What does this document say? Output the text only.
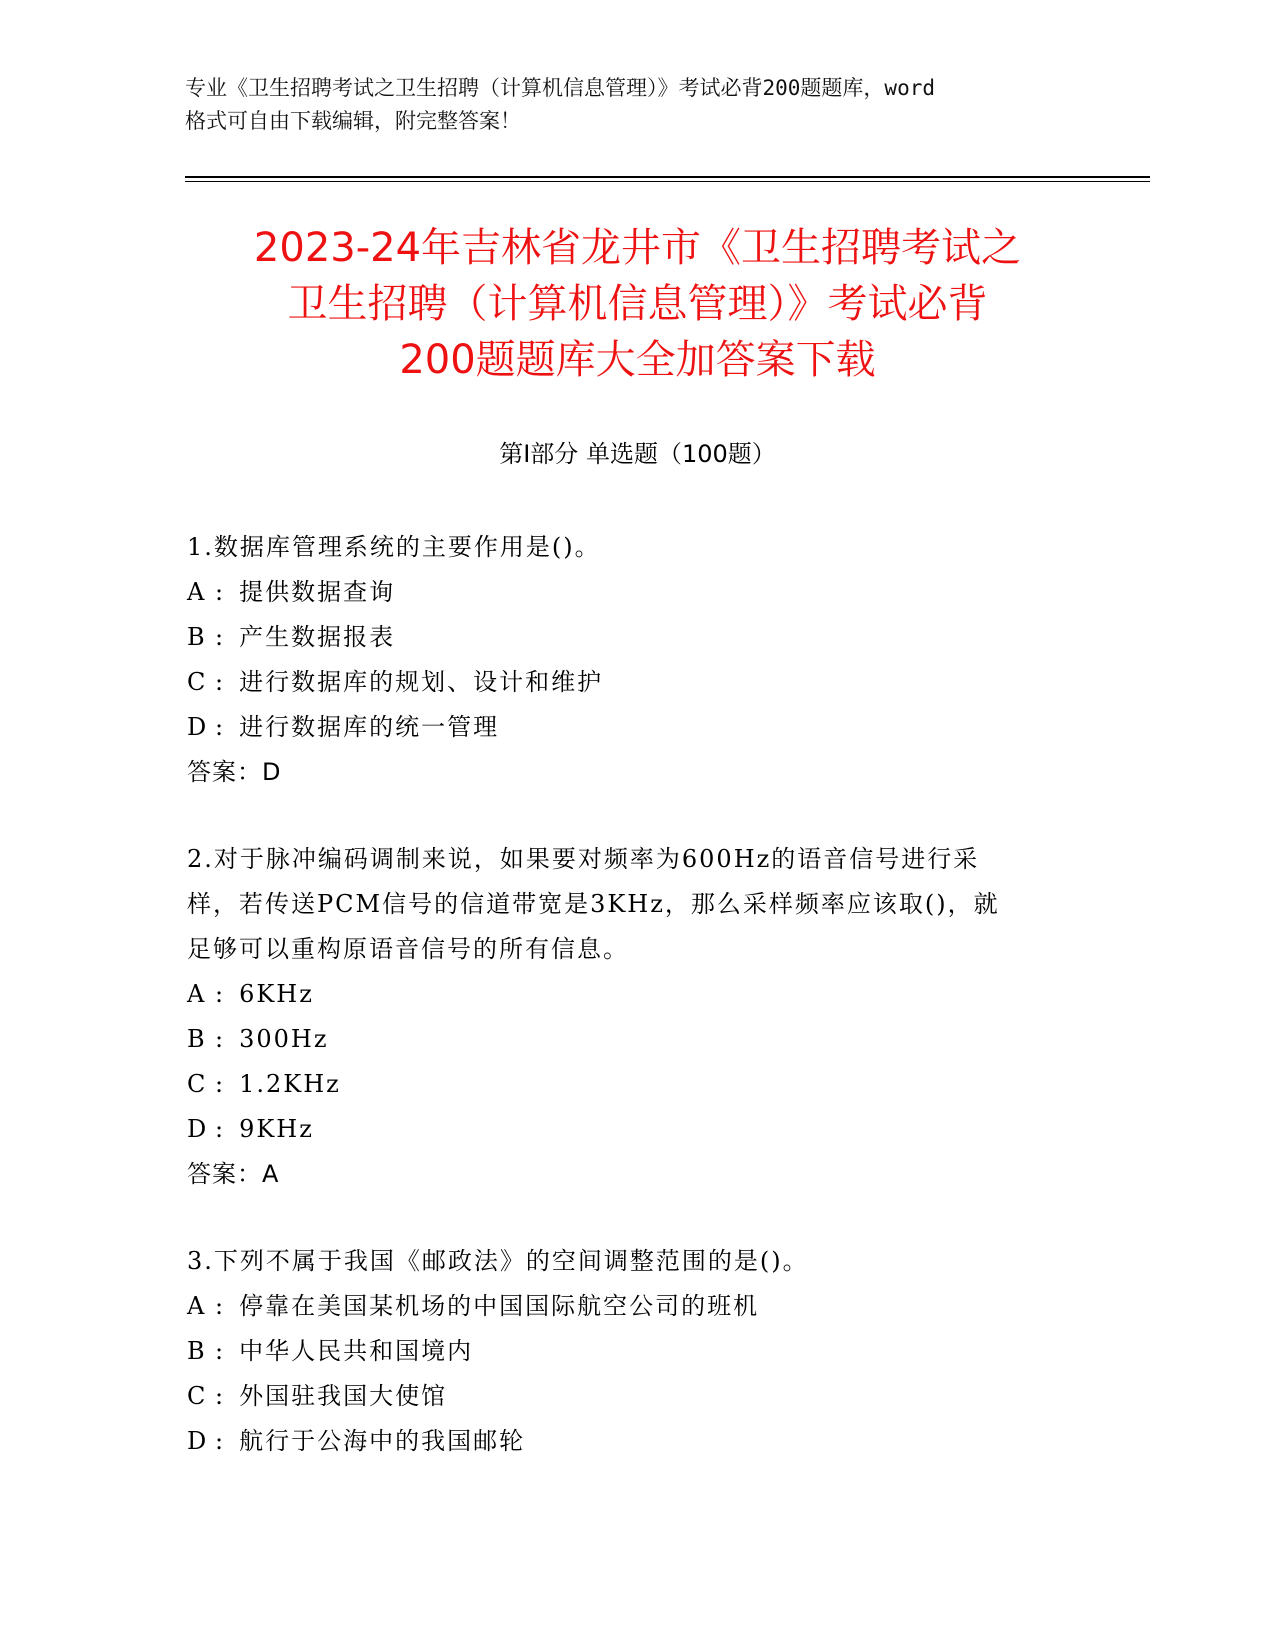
专业《卫生招聘考试之卫生招聘（计算机信息管理）》考试必背200题题库，word
格式可自由下载编辑，附完整答案！
2023-24年吉林省龙井市《卫生招聘考试之
卫生招聘（计算机信息管理）》考试必背
200题题库大全加答案下载
第Ⅰ部分 单选题（100题）
1.数据库管理系统的主要作用是()。
A : 提供数据查询
B : 产生数据报表
C : 进行数据库的规划、设计和维护
D : 进行数据库的统一管理
答案：D
2.对于脉冲编码调制来说，如果要对频率为600Hz的语音信号进行采
样，若传送PCM信号的信道带宽是3KHz，那么采样频率应该取()，就
足够可以重构原语音信号的所有信息。
A : 6KHz
B : 300Hz
C : 1.2KHz
D : 9KHz
答案：A
3.下列不属于我国《邮政法》的空间调整范围的是()。
A : 停靠在美国某机场的中国国际航空公司的班机
B : 中华人民共和国境内
C : 外国驻我国大使馆
D : 航行于公海中的我国邮轮
